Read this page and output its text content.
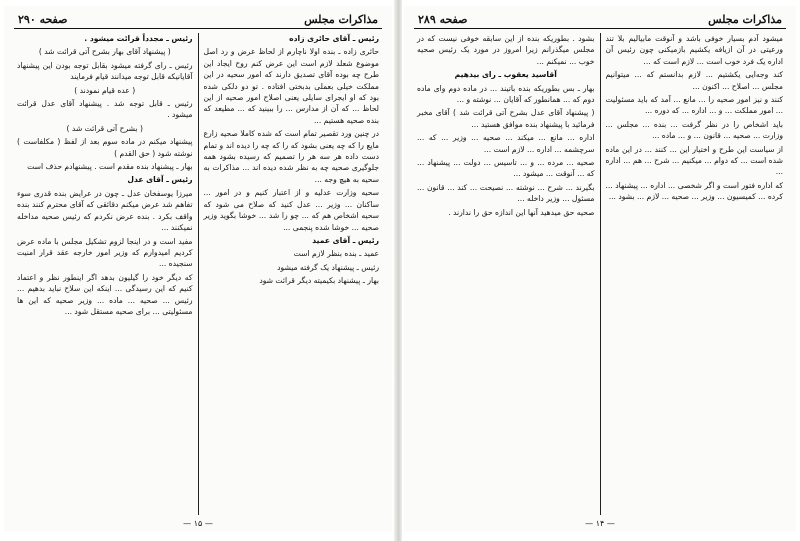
مذاکرات مجلس
صفحه ۲۹۰

رئیس ـ آقای حائری زاده

حائری زاده ـ بنده اولا ناچارم از لحاظ عرض و رد اصل موضوع شعلد لازم است این عرض کنم روح ایجاد این طرح چه بوده آقای تصدیق دارند که امور سحیه در این مملکت خیلی بعملی بدبختی افتاده . تو دو دلکی شده بود که او ایجرای سایلی یعنی اصلاح امور صحیه از این لحاظ ... که آن از مدارس ... را ببینید که ... مطیعد که بنده صحیه هستیم ...

در چنین ورد تقصیر تمام است که شده کاملا صحیه زارع مایع را که چه یعنی بشود که را که چه را دیده اند و تمام دست داده هر سه هر را تصمیم که رسیده بشود همه جلوگیری صحیه چه به نظر شده دیده اند ... مذاکرات به سحیه به هیچ وجه ...

سحیه وزارت عدلیه و از اعتبار کنیم و در امور ... ساکنان ... وزیر ... عدل کنید که صلاح می شود که سحیه اشخاص هم که ... چو را شد ... خوشا بگوید وزیر صحیه ... خوشا شده پنجمی ...

رئیس ـ آقای عمید

عمید ـ بنده بنظر لازم است

رئیس ـ پیشنهاد یک گرفته میشود

بهار ـ پیشنهاد بکیمیته دیگر قرائت شود

رئیس ـ مجدداً قرائت میشود .

( پیشنهاد آقای بهار بشرح آتی قرائت شد )

رئیس ـ رای گرفته میشود بقابل توجه بودن این پیشنهاد آقایانیکه قابل توجه میدانند قیام فرمایند

( عده قیام نمودند )

رئیس ـ قابل توجه شد . پیشنهاد آقای عدل قرائت میشود .

( بشرح آتی قرائت شد )

پیشنهاد میکنم در ماده سوم بعد از لفظ ( مکلفاست ) نوشته شود ( حق القدم )

بهار ـ پیشنهاد بنده مقدم است . پیشنهادم حذف است

رئیس ـ آقای عدل

میرزا یوسفخان عدل ـ چون در عرایض بنده قدری سوء تفاهم شد عرض میکنم دقائقی که آقای محترم کنند بنده واقف بکرد . بنده عرض نکردم که رئیس صحیه مداخله نمیکنند ...

مفید است و در اینجا لزوم تشکیل مجلس با ماده عرض کردیم امیدوارم که وزیر امور خارجه عقد قرار امنیت سنجیده ...

که دیگر خود را گیلیون بدهد اگر اینطور نظر و اعتماد کنیم که این رسیدگی ... اینکه این سلاح نباید بدهیم ... رئیس ... صحیه ... ماده ... وزیر صحیه که این ها مسئولیتی ... برای صحیه مستقل شود ...

— ۱۵ —
مذاکرات مجلس
صفحه ۲۸۹

میشود آدم بسیار خوفی باشد و آنوقت مابیالیم بلا تند ورعیتی در آن ازیافه یکشیم بازمیکنی چون رئیس آن اداره یک فرد خوب است ... لازم است که ...

کند وجه‌ایی یکشتیم ... لازم بدانستم که ... میتوانیم مجلس ... اصلاح ... اکنون ...

کنند و نیز امور صحیه را ... مانع ... آمد که باید مسئولیت ... امور مملکت ... و ... اداره ... که دوره ...

باید اشخاص را در نظر گرفت ... بنده ... مجلس ... وزارت ... صحیه ... قانون ... و ... ماده ...

از سیاست این طرح و اختیار این ... کنند ... در این ماده شده است ... که دوام ... میکنیم ... شرح ... هم ... اداره ...

که اداره فتور است و اگر شخصی ... اداره ... پیشنهاد ... کرده ... کمیسیون ... وزیر ... صحیه ... لازم ... بشود ...

بشود . بطوریکه بنده از این سابقه خوفی نیست که در مجلس میگذرانم زیرا امروز در مورد یک رئیس صحیه خوب ... نمیکنم ...

آقاسید یعقوب ـ رای بیدهیم

بهار ـ بس بطوریکه بنده باتیند ... در ماده دوم وای ماده دوم که ... همانطور که آقایان ... نوشته و ...

( پیشنهاد آقای عدل بشرح آتی قرائت شد ) آقای مخبر فرمائید با پیشنهاد بنده موافق هستید ...

اداره ... مانع ... میکند ... صحیه ... وزیر ... که ... سرچشمه ... اداره ... لازم است ...

صحیه ... مرده ... و ... تاسیس ... دولت ... پیشنهاد ... که ... آنوقت ... میشود ...

بگیرند ... شرح ... نوشته ... نصیحت ... کند ... قانون ... مسئول ... وزیر داخله ...

صحیه حق میدهید آنها این اندازه حق را ندارند .

— ۱۴ —
